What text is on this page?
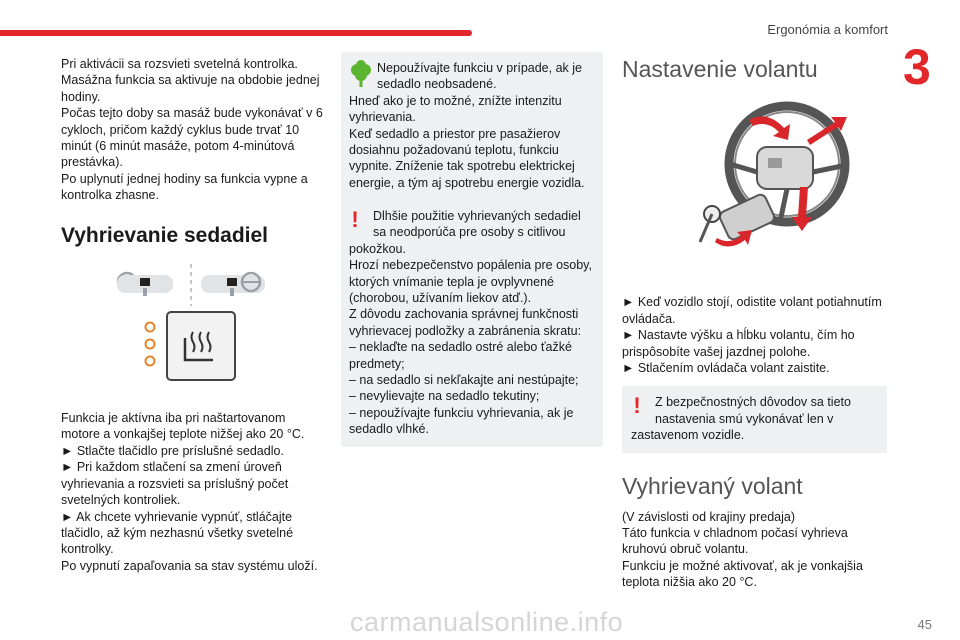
Ergonómia a komfort
3

Pri aktivácii sa rozsvieti svetelná kontrolka.

Masážna funkcia sa aktivuje na obdobie jednej hodiny.

Počas tejto doby sa masáž bude vykonávať v 6 cykloch, pričom každý cyklus bude trvať 10 minút (6 minút masáže, potom 4-minútová prestávka).

Po uplynutí jednej hodiny sa funkcia vypne a kontrolka zhasne.

Vyhrievanie sedadiel

Funkcia je aktívna iba pri naštartovanom motore a vonkajšej teplote nižšej ako 20 °C.

► Stlačte tlačidlo pre príslušné sedadlo.

► Pri každom stlačení sa zmení úroveň vyhrievania a rozsvieti sa príslušný počet svetelných kontroliek.

► Ak chcete vyhrievanie vypnúť, stláčajte tlačidlo, až kým nezhasnú všetky svetelné kontrolky.

Po vypnutí zapaľovania sa stav systému uloží.

Nepoužívajte funkciu v prípade, ak je sedadlo neobsadené.

Hneď ako je to možné, znížte intenzitu vyhrievania.

Keď sedadlo a priestor pre pasažierov dosiahnu požadovanú teplotu, funkciu vypnite. Zníženie tak spotrebu elektrickej energie, a tým aj spotrebu energie vozidla.

!	Dlhšie použitie vyhrievaných sedadiel sa neodporúča pre osoby s citlivou pokožkou.

Hrozí nebezpečenstvo popálenia pre osoby, ktorých vnímanie tepla je ovplyvnené (chorobou, užívaním liekov atď.).

Z dôvodu zachovania správnej funkčnosti vyhrievacej podložky a zabránenia skratu:

– neklaďte na sedadlo ostré alebo ťažké predmety;

– na sedadlo si nekľakajte ani nestúpajte;

– nevylievajte na sedadlo tekutiny;

– nepoužívajte funkciu vyhrievania, ak je sedadlo vlhké.

Nastavenie volantu

► Keď vozidlo stojí, odistite volant potiahnutím ovládača.

► Nastavte výšku a hĺbku volantu, čím ho prispôsobíte vašej jazdnej polohe.

► Stlačením ovládača volant zaistite.

!	Z bezpečnostných dôvodov sa tieto nastavenia smú vykonávať len v zastavenom vozidle.

Vyhrievaný volant

(V závislosti od krajiny predaja)

Táto funkcia v chladnom počasí vyhrieva kruhovú obruč volantu.

Funkciu je možné aktivovať, ak je vonkajšia teplota nižšia ako 20 °C.

45
carmanualsonline.info
